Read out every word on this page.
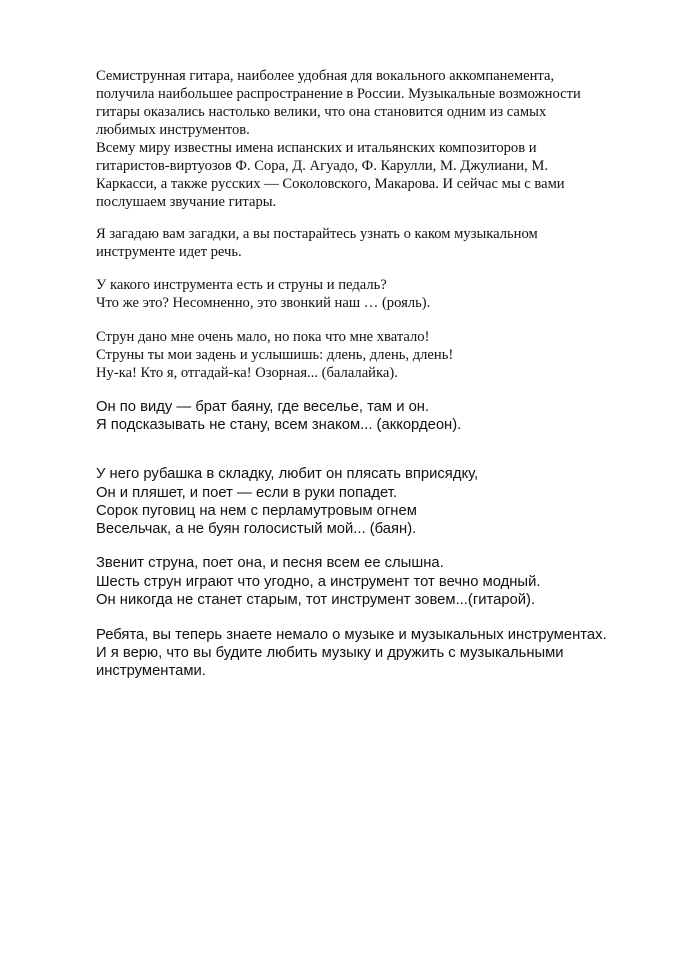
Семиструнная гитара, наиболее удобная для вокального аккомпанемента,
получила наибольшее распространение в России. Музыкальные возможности
гитары оказались настолько велики, что она становится одним из самых
любимых инструментов.
Всему миру известны имена испанских и итальянских композиторов и
гитаристов-виртуозов Ф. Сора, Д. Агуадо, Ф. Карулли, М. Джулиани, М.
Каркасси, а также русских — Соколовского, Макарова. И сейчас мы с вами
послушаем звучание гитары.
Я загадаю вам загадки, а вы постарайтесь узнать о каком музыкальном
инструменте идет речь.
У какого инструмента есть и струны и педаль?
Что же это? Несомненно, это звонкий наш … (рояль).
Струн дано мне очень мало, но пока что мне хватало!
Струны ты мои задень и услышишь: длень, длень, длень!
Ну-ка! Кто я, отгадай-ка! Озорная... (балалайка).
Он по виду — брат баяну, где веселье, там и он.
Я подсказывать не стану, всем знаком... (аккордеон).
У него рубашка в складку, любит он плясать вприсядку,
Он и пляшет, и поет — если в руки попадет.
Сорок пуговиц на нем с перламутровым огнем
Весельчак, а не буян голосистый мой... (баян).
Звенит струна, поет она, и песня всем ее слышна.
Шесть струн играют что угодно, а инструмент тот вечно модный.
Он никогда не станет старым, тот инструмент зовем...(гитарой).
Ребята, вы теперь знаете немало о музыке и музыкальных инструментах.
И я верю, что вы будите любить музыку и дружить с музыкальными
инструментами.
